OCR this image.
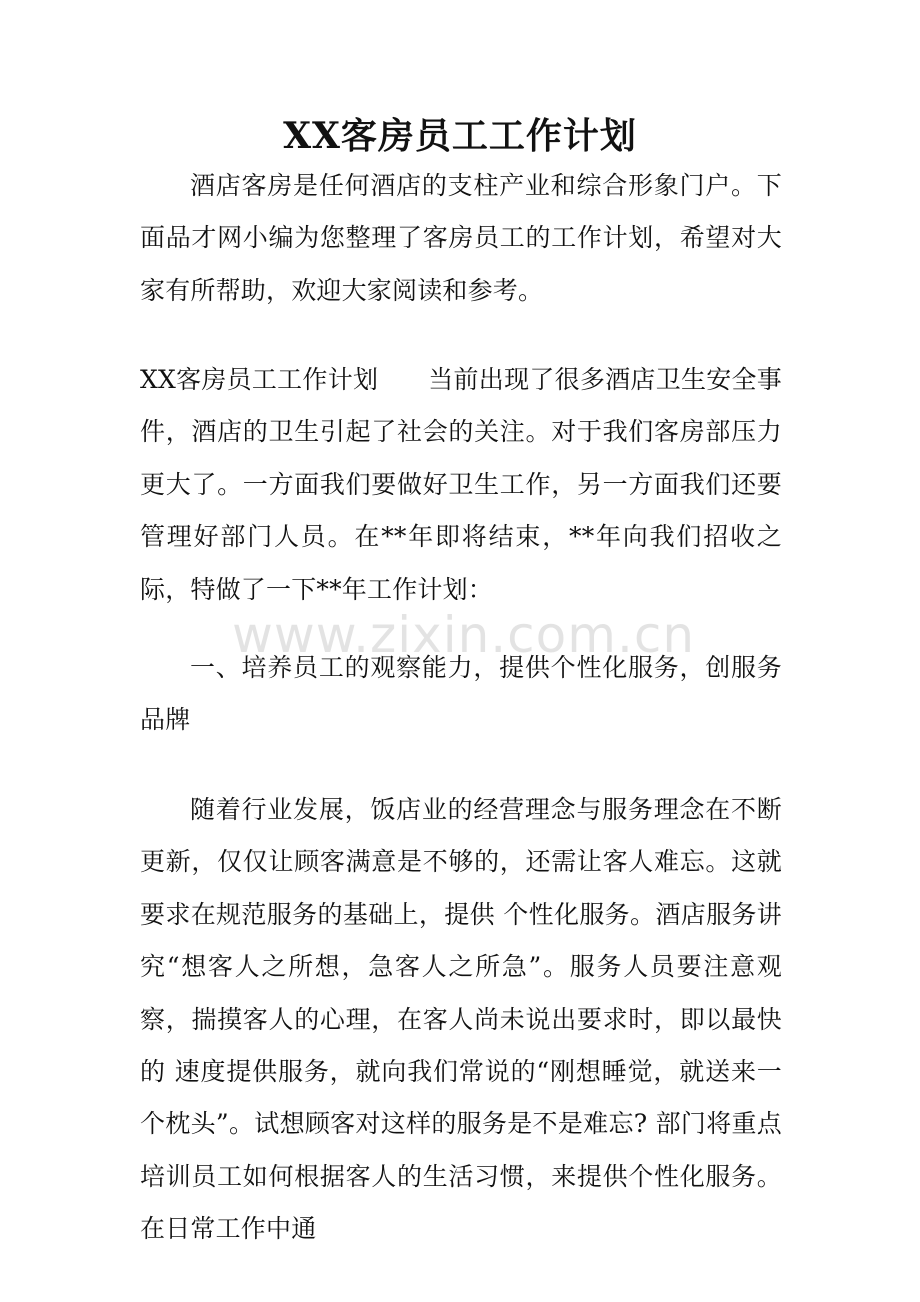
XX客房员工工作计划

酒店客房是任何酒店的支柱产业和综合形象门户。下面品才网小编为您整理了客房员工的工作计划，希望对大家有所帮助，欢迎大家阅读和参考。

XX客房员工工作计划 当前出现了很多酒店卫生安全事件，酒店的卫生引起了社会的关注。对于我们客房部压力更大了。一方面我们要做好卫生工作，另一方面我们还要管理好部门人员。在**年即将结束，**年向我们招收之际，特做了一下**年工作计划：

一、培养员工的观察能力，提供个性化服务，创服务品牌

随着行业发展，饭店业的经营理念与服务理念在不断更新，仅仅让顾客满意是不够的，还需让客人难忘。这就要求在规范服务的基础上，提供 个性化服务。酒店服务讲究“想客人之所想，急客人之所急”。服务人员要注意观察，揣摸客人的心理，在客人尚未说出要求时，即以最快的 速度提供服务，就向我们常说的“刚想睡觉，就送来一个枕头”。试想顾客对这样的服务是不是难忘? 部门将重点培训员工如何根据客人的生活习惯，来提供个性化服务。在日常工作中通

www.zixin.com.cn
